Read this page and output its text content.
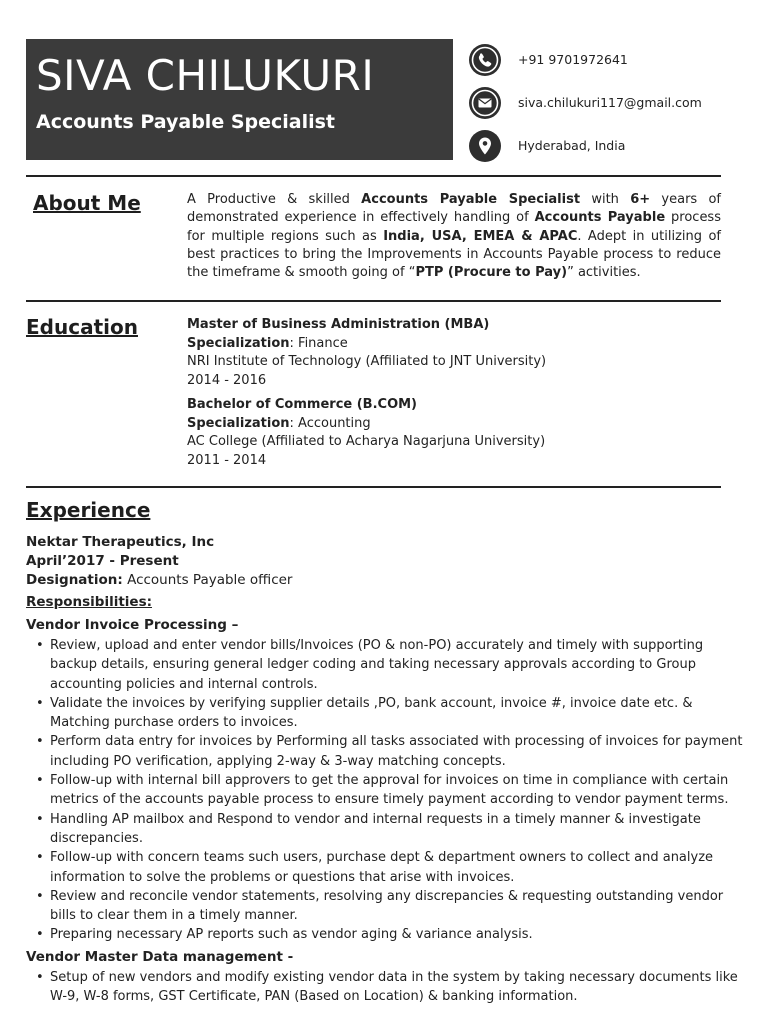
SIVA CHILUKURI
Accounts Payable Specialist
+91 9701972641
siva.chilukuri117@gmail.com
Hyderabad, India
About Me	A Productive & skilled Accounts Payable Specialist with 6+ years of demonstrated experience in effectively handling of Accounts Payable process for multiple regions such as India, USA, EMEA & APAC. Adept in utilizing of best practices to bring the Improvements in Accounts Payable process to reduce the timeframe & smooth going of “PTP (Procure to Pay)” activities.
Education	Master of Business Administration (MBA)
Specialization: Finance
NRI Institute of Technology (Affiliated to JNT University)
2014 - 2016
Bachelor of Commerce (B.COM)
Specialization: Accounting
AC College (Affiliated to Acharya Nagarjuna University)
2011 - 2014
Experience
Nektar Therapeutics, Inc
April’2017 - Present
Designation: Accounts Payable officer
Responsibilities:
Vendor Invoice Processing –
• Review, upload and enter vendor bills/Invoices (PO & non-PO) accurately and timely with supporting backup details, ensuring general ledger coding and taking necessary approvals according to Group accounting policies and internal controls.
• Validate the invoices by verifying supplier details ,PO, bank account, invoice #, invoice date etc. & Matching purchase orders to invoices.
• Perform data entry for invoices by Performing all tasks associated with processing of invoices for payment including PO verification, applying 2-way & 3-way matching concepts.
• Follow-up with internal bill approvers to get the approval for invoices on time in compliance with certain metrics of the accounts payable process to ensure timely payment according to vendor payment terms.
• Handling AP mailbox and Respond to vendor and internal requests in a timely manner & investigate discrepancies.
• Follow-up with concern teams such users, purchase dept & department owners to collect and analyze information to solve the problems or questions that arise with invoices.
• Review and reconcile vendor statements, resolving any discrepancies & requesting outstanding vendor bills to clear them in a timely manner.
• Preparing necessary AP reports such as vendor aging & variance analysis.
Vendor Master Data management -
• Setup of new vendors and modify existing vendor data in the system by taking necessary documents like W-9, W-8 forms, GST Certificate, PAN (Based on Location) & banking information.
